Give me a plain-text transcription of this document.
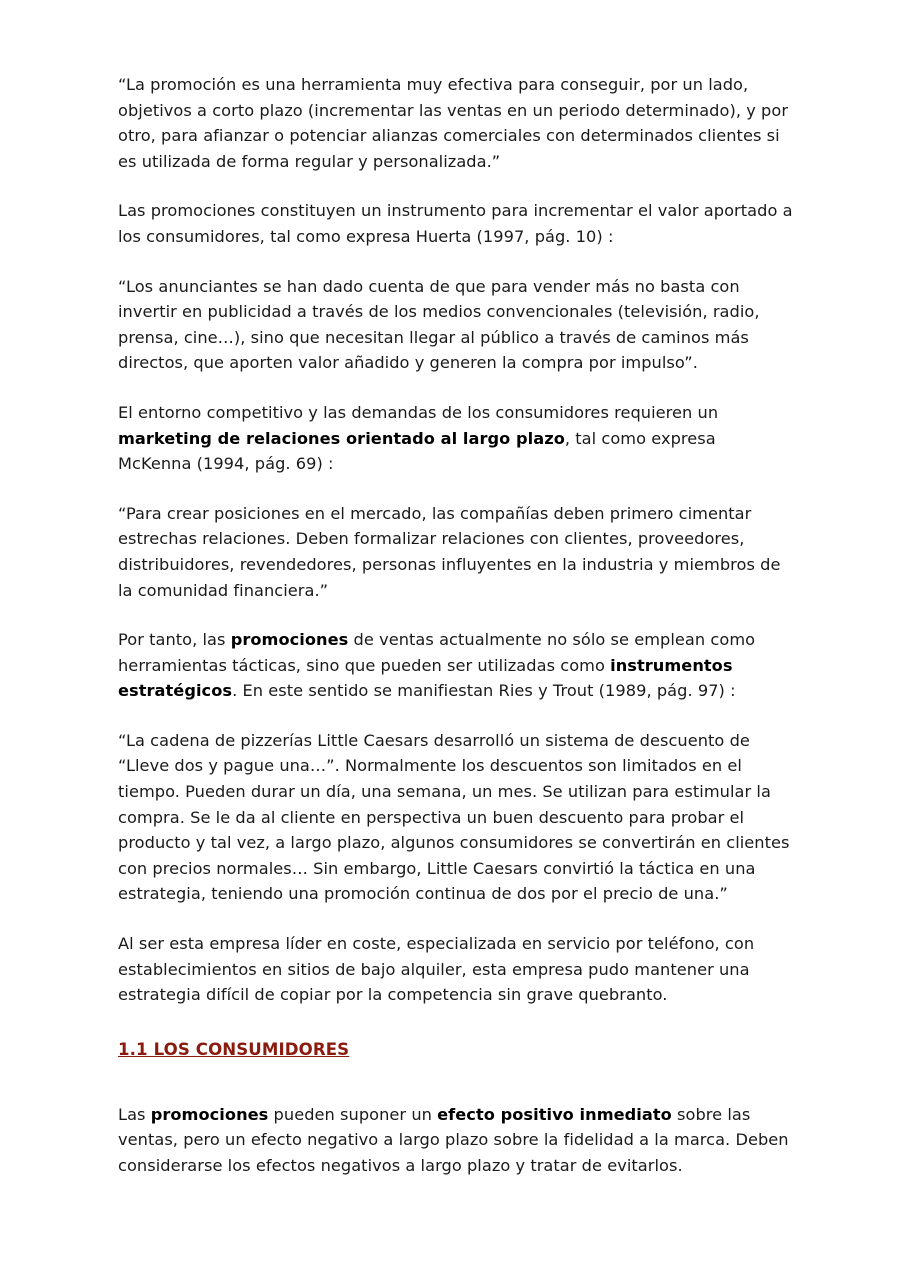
“La promoción es una herramienta muy efectiva para conseguir, por un lado, objetivos a corto plazo (incrementar las ventas en un periodo determinado), y por otro, para afianzar o potenciar alianzas comerciales con determinados clientes si es utilizada de forma regular y personalizada.”

Las promociones constituyen un instrumento para incrementar el valor aportado a los consumidores, tal como expresa Huerta (1997, pág. 10) :

“Los anunciantes se han dado cuenta de que para vender más no basta con invertir en publicidad a través de los medios convencionales (televisión, radio, prensa, cine…), sino que necesitan llegar al público a través de caminos más directos, que aporten valor añadido y generen la compra por impulso”.

El entorno competitivo y las demandas de los consumidores requieren un marketing de relaciones orientado al largo plazo, tal como expresa McKenna (1994, pág. 69) :

“Para crear posiciones en el mercado, las compañías deben primero cimentar estrechas relaciones. Deben formalizar relaciones con clientes, proveedores, distribuidores, revendedores, personas influyentes en la industria y miembros de la comunidad financiera.”

Por tanto, las promociones de ventas actualmente no sólo se emplean como herramientas tácticas, sino que pueden ser utilizadas como instrumentos estratégicos. En este sentido se manifiestan Ries y Trout (1989, pág. 97) :

“La cadena de pizzerías Little Caesars desarrolló un sistema de descuento de “Lleve dos y pague una…”. Normalmente los descuentos son limitados en el tiempo. Pueden durar un día, una semana, un mes. Se utilizan para estimular la compra. Se le da al cliente en perspectiva un buen descuento para probar el producto y tal vez, a largo plazo, algunos consumidores se convertirán en clientes con precios normales… Sin embargo, Little Caesars convirtió la táctica en una estrategia, teniendo una promoción continua de dos por el precio de una.”

Al ser esta empresa líder en coste, especializada en servicio por teléfono, con establecimientos en sitios de bajo alquiler, esta empresa pudo mantener una estrategia difícil de copiar por la competencia sin grave quebranto.

1.1 LOS CONSUMIDORES

Las promociones pueden suponer un efecto positivo inmediato sobre las ventas, pero un efecto negativo a largo plazo sobre la fidelidad a la marca. Deben considerarse los efectos negativos a largo plazo y tratar de evitarlos.
